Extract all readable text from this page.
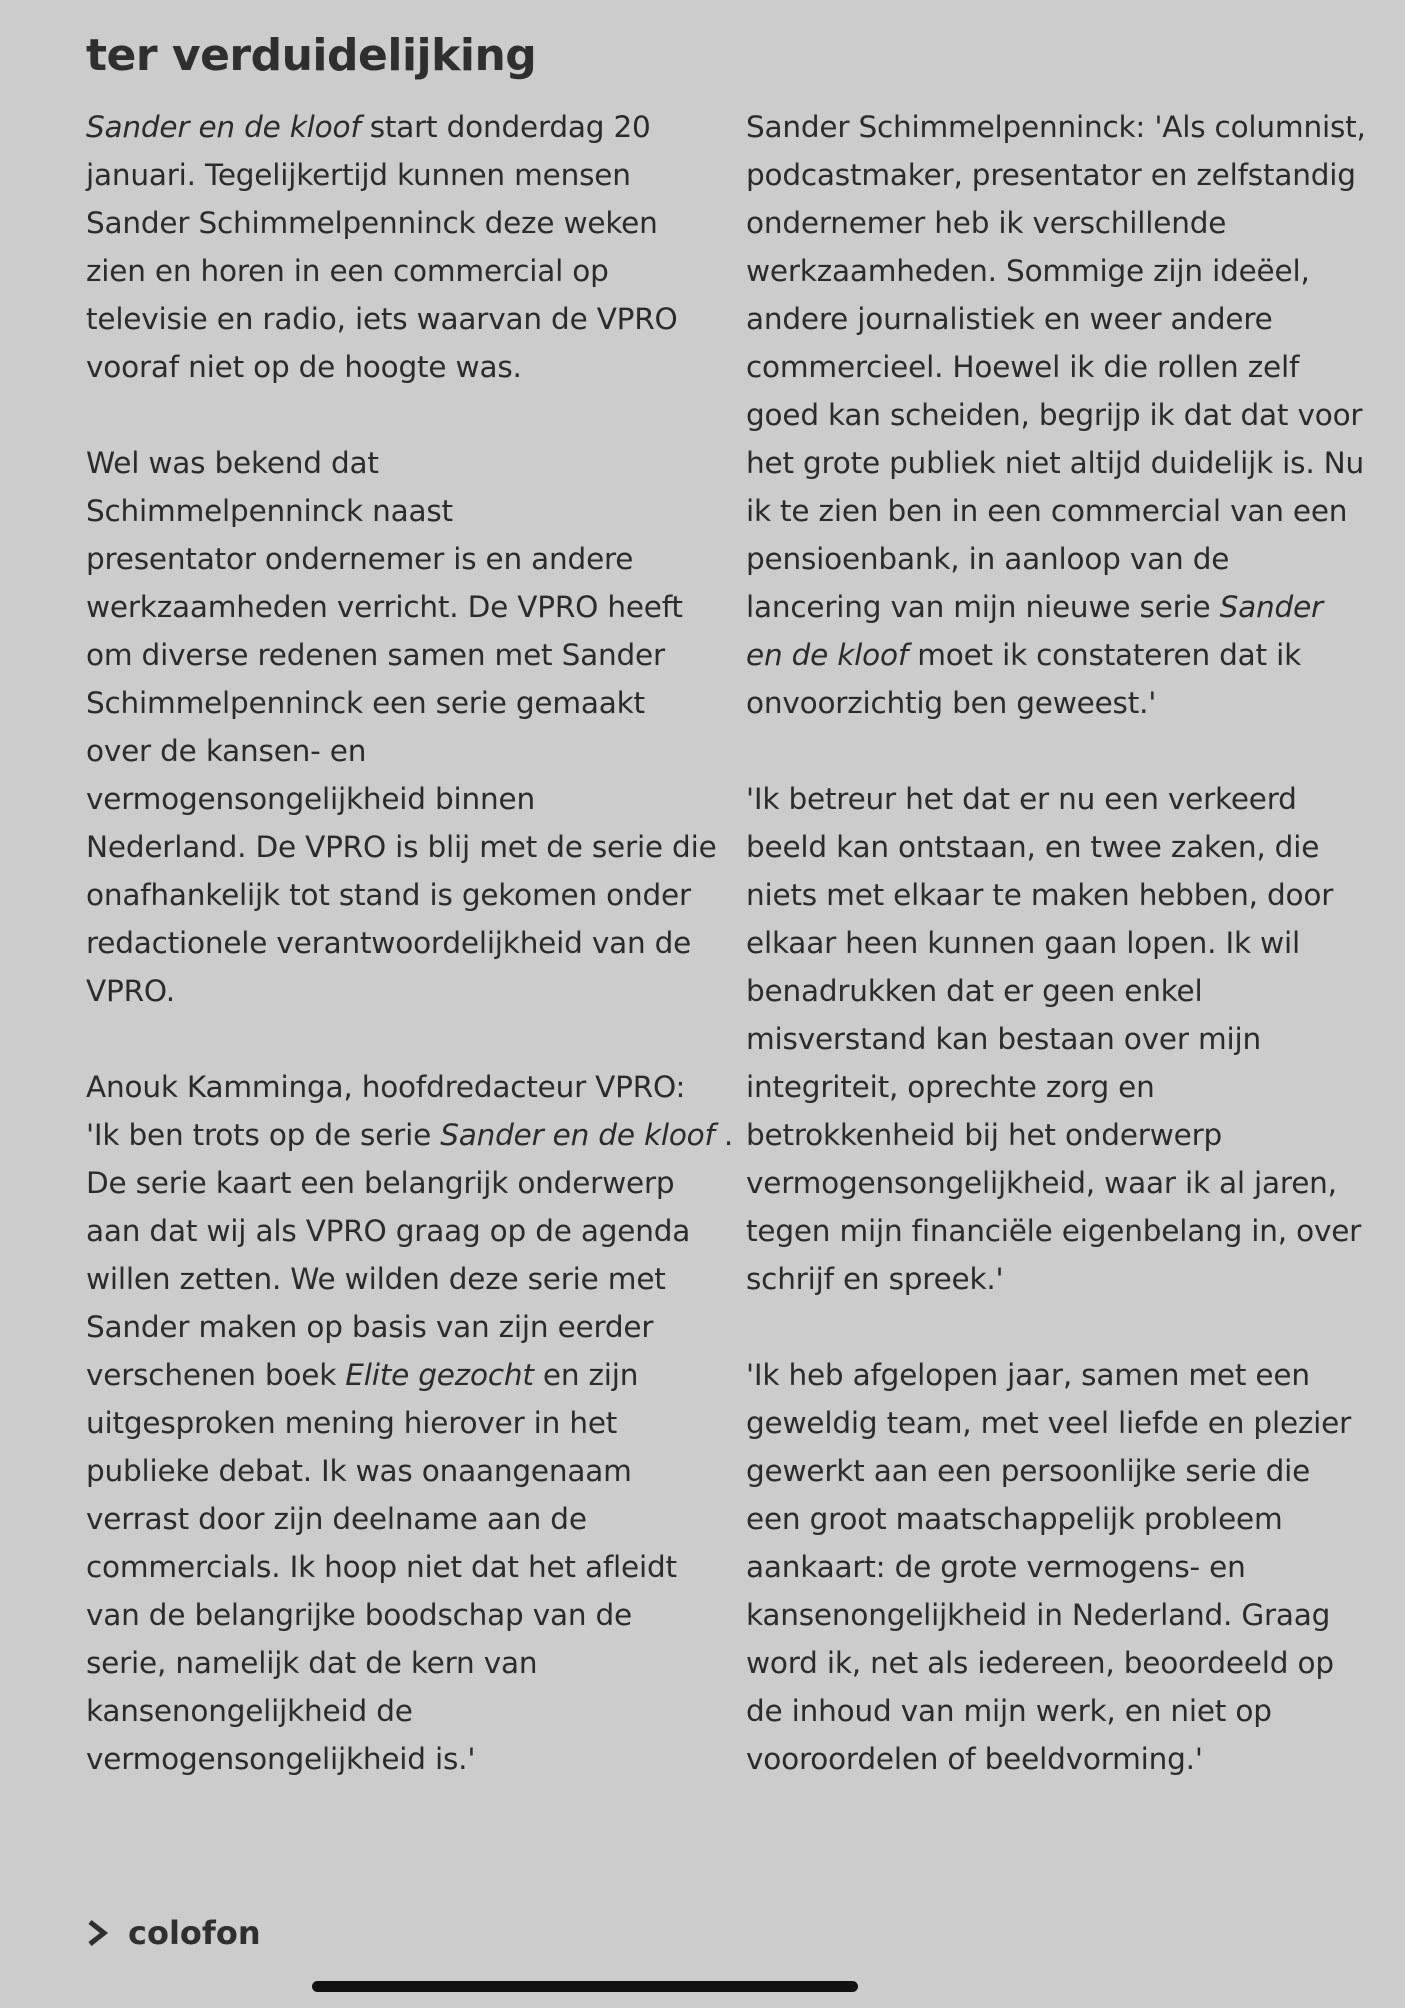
ter verduidelijking

Sander en de kloof start donderdag 20
januari. Tegelijkertijd kunnen mensen
Sander Schimmelpenninck deze weken
zien en horen in een commercial op
televisie en radio, iets waarvan de VPRO
vooraf niet op de hoogte was.

Wel was bekend dat
Schimmelpenninck naast
presentator ondernemer is en andere
werkzaamheden verricht. De VPRO heeft
om diverse redenen samen met Sander
Schimmelpenninck een serie gemaakt
over de kansen- en
vermogensongelijkheid binnen
Nederland. De VPRO is blij met de serie die
onafhankelijk tot stand is gekomen onder
redactionele verantwoordelijkheid van de
VPRO.

Anouk Kamminga, hoofdredacteur VPRO:
'Ik ben trots op de serie Sander en de kloof .
De serie kaart een belangrijk onderwerp
aan dat wij als VPRO graag op de agenda
willen zetten. We wilden deze serie met
Sander maken op basis van zijn eerder
verschenen boek Elite gezocht en zijn
uitgesproken mening hierover in het
publieke debat. Ik was onaangenaam
verrast door zijn deelname aan de
commercials. Ik hoop niet dat het afleidt
van de belangrijke boodschap van de
serie, namelijk dat de kern van
kansenongelijkheid de
vermogensongelijkheid is.'

Sander Schimmelpenninck: 'Als columnist,
podcastmaker, presentator en zelfstandig
ondernemer heb ik verschillende
werkzaamheden. Sommige zijn ideëel,
andere journalistiek en weer andere
commercieel. Hoewel ik die rollen zelf
goed kan scheiden, begrijp ik dat dat voor
het grote publiek niet altijd duidelijk is. Nu
ik te zien ben in een commercial van een
pensioenbank, in aanloop van de
lancering van mijn nieuwe serie Sander
en de kloof moet ik constateren dat ik
onvoorzichtig ben geweest.'

'Ik betreur het dat er nu een verkeerd
beeld kan ontstaan, en twee zaken, die
niets met elkaar te maken hebben, door
elkaar heen kunnen gaan lopen. Ik wil
benadrukken dat er geen enkel
misverstand kan bestaan over mijn
integriteit, oprechte zorg en
betrokkenheid bij het onderwerp
vermogensongelijkheid, waar ik al jaren,
tegen mijn financiële eigenbelang in, over
schrijf en spreek.'

'Ik heb afgelopen jaar, samen met een
geweldig team, met veel liefde en plezier
gewerkt aan een persoonlijke serie die
een groot maatschappelijk probleem
aankaart: de grote vermogens- en
kansenongelijkheid in Nederland. Graag
word ik, net als iedereen, beoordeeld op
de inhoud van mijn werk, en niet op
vooroordelen of beeldvorming.'

colofon
